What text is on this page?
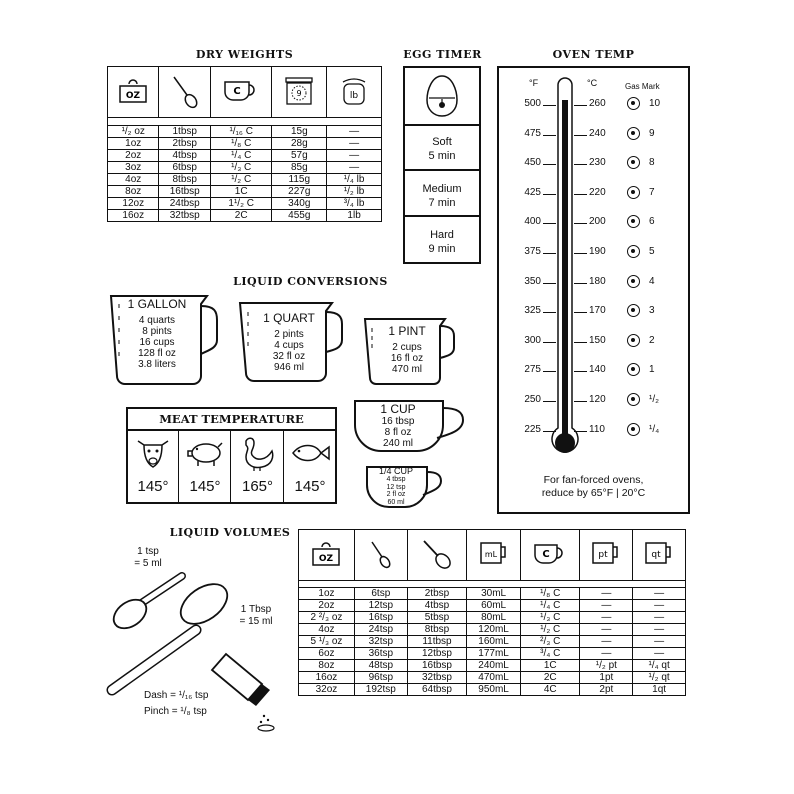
DRY WEIGHTS
OZ		C	9	lb

¹/₂ oz	1tbsp	¹/₁₆ C	15g	—
1oz	2tbsp	¹/₈ C	28g	—
2oz	4tbsp	¹/₄ C	57g	—
3oz	6tbsp	¹/₃ C	85g	—
4oz	8tbsp	¹/₂ C	115g	¹/₄ lb
8oz	16tbsp	1C	227g	¹/₂ lb
12oz	24tbsp	1¹/₂ C	340g	³/₄ lb
16oz	32tbsp	2C	455g	1lb
EGG TIMER
Soft
5 min
Medium
7 min
Hard
9 min
OVEN TEMP
°F	°C	Gas Mark
500	260	10
475	240	9
450	230	8
425	220	7
400	200	6
375	190	5
350	180	4
325	170	3
300	150	2
275	140	1
250	120	¹/₂
225	110	¹/₄
For fan-forced ovens,
reduce by 65°F | 20°C
LIQUID CONVERSIONS
1 GALLON
4 quarts
8 pints
16 cups
128 fl oz
3.8 liters
1 QUART
2 pints
4 cups
32 fl oz
946 ml
1 PINT
2 cups
16 fl oz
470 ml
1 CUP
16 tbsp
8 fl oz
240 ml
1/4 CUP
4 tbsp
12 tsp
2 fl oz
60 ml
MEAT TEMPERATURE
145°	145°	165°	145°
LIQUID VOLUMES
1 tsp
= 5 ml
1 Tbsp
= 15 ml
Dash = ¹/₁₆ tsp
Pinch = ¹/₈ tsp
OZ			mL	C	pt	qt

1oz	6tsp	2tbsp	30mL	¹/₈ C	—	—
2oz	12tsp	4tbsp	60mL	¹/₄ C	—	—
2 ²/₃ oz	16tsp	5tbsp	80mL	¹/₃ C	—	—
4oz	24tsp	8tbsp	120mL	¹/₂ C	—	—
5 ¹/₃ oz	32tsp	11tbsp	160mL	²/₃ C	—	—
6oz	36tsp	12tbsp	177mL	³/₄ C	—	—
8oz	48tsp	16tbsp	240mL	1C	¹/₂ pt	¹/₄ qt
16oz	96tsp	32tbsp	470mL	2C	1pt	¹/₂ qt
32oz	192tsp	64tbsp	950mL	4C	2pt	1qt
